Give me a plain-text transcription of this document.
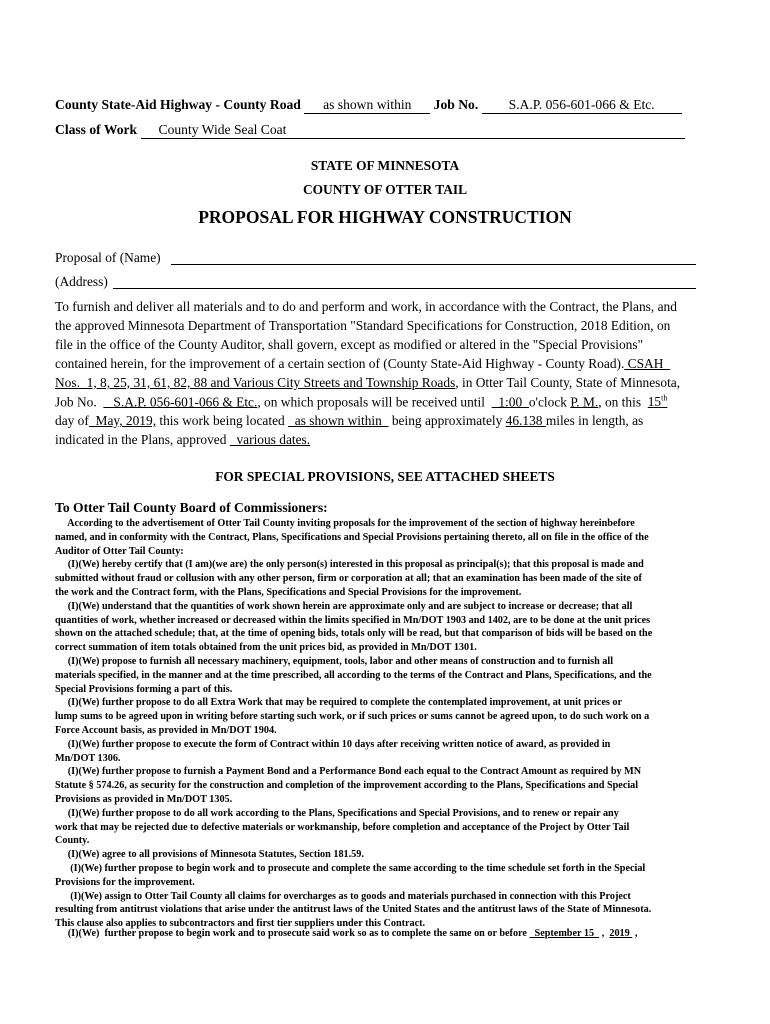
County State-Aid Highway - County Road as shown within Job No. S.A.P. 056-601-066 & Etc.
Class of Work County Wide Seal Coat
STATE OF MINNESOTA
COUNTY OF OTTER TAIL
PROPOSAL FOR HIGHWAY CONSTRUCTION
Proposal of (Name)
(Address)
To furnish and deliver all materials and to do and perform and work, in accordance with the Contract, the Plans, and
the approved Minnesota Department of Transportation "Standard Specifications for Construction, 2018 Edition, on
file in the office of the County Auditor, shall govern, except as modified or altered in the "Special Provisions"
contained herein, for the improvement of a certain section of (County State-Aid Highway - County Road). CSAH
Nos.  1, 8, 25, 31, 61, 82, 88 and Various City Streets and Township Roads, in Otter Tail County, State of Minnesota,
Job No.     S.A.P. 056-601-066 & Etc., on which proposals will be received until    1:00  o'clock P. M., on this  15th
day of  May, 2019, this work being located   as shown within   being approximately 46.138 miles in length, as
indicated in the Plans, approved   various dates.
FOR SPECIAL PROVISIONS, SEE ATTACHED SHEETS
To Otter Tail County Board of Commissioners:
According to the advertisement of Otter Tail County inviting proposals for the improvement of the section of highway hereinbefore
named, and in conformity with the Contract, Plans, Specifications and Special Provisions pertaining thereto, all on file in the office of the
Auditor of Otter Tail County:
(I)(We) hereby certify that (I am)(we are) the only person(s) interested in this proposal as principal(s); that this proposal is made and
submitted without fraud or collusion with any other person, firm or corporation at all; that an examination has been made of the site of
the work and the Contract form, with the Plans, Specifications and Special Provisions for the improvement.
(I)(We) understand that the quantities of work shown herein are approximate only and are subject to increase or decrease; that all
quantities of work, whether increased or decreased within the limits specified in Mn/DOT 1903 and 1402, are to be done at the unit prices
shown on the attached schedule; that, at the time of opening bids, totals only will be read, but that comparison of bids will be based on the
correct summation of item totals obtained from the unit prices bid, as provided in Mn/DOT 1301.
(I)(We) propose to furnish all necessary machinery, equipment, tools, labor and other means of construction and to furnish all
materials specified, in the manner and at the time prescribed, all according to the terms of the Contract and Plans, Specifications, and the
Special Provisions forming a part of this.
(I)(We) further propose to do all Extra Work that may be required to complete the contemplated improvement, at unit prices or
lump sums to be agreed upon in writing before starting such work, or if such prices or sums cannot be agreed upon, to do such work on a
Force Account basis, as provided in Mn/DOT 1904.
(I)(We) further propose to execute the form of Contract within 10 days after receiving written notice of award, as provided in
Mn/DOT 1306.
(I)(We) further propose to furnish a Payment Bond and a Performance Bond each equal to the Contract Amount as required by MN
Statute § 574.26, as security for the construction and completion of the improvement according to the Plans, Specifications and Special
Provisions as provided in Mn/DOT 1305.
(I)(We) further propose to do all work according to the Plans, Specifications and Special Provisions, and to renew or repair any
work that may be rejected due to defective materials or workmanship, before completion and acceptance of the Project by Otter Tail
County.
(I)(We) agree to all provisions of Minnesota Statutes, Section 181.59.
(I)(We) further propose to begin work and to prosecute and complete the same according to the time schedule set forth in the Special
Provisions for the improvement.
(I)(We) assign to Otter Tail County all claims for overcharges as to goods and materials purchased in connection with this Project
resulting from antitrust violations that arise under the antitrust laws of the United States and the antitrust laws of the State of Minnesota.
This clause also applies to subcontractors and first tier suppliers under this Contract.
(I)(We)  further propose to begin work and to prosecute said work so as to complete the same on or before   September 15   ,  2019  ,
